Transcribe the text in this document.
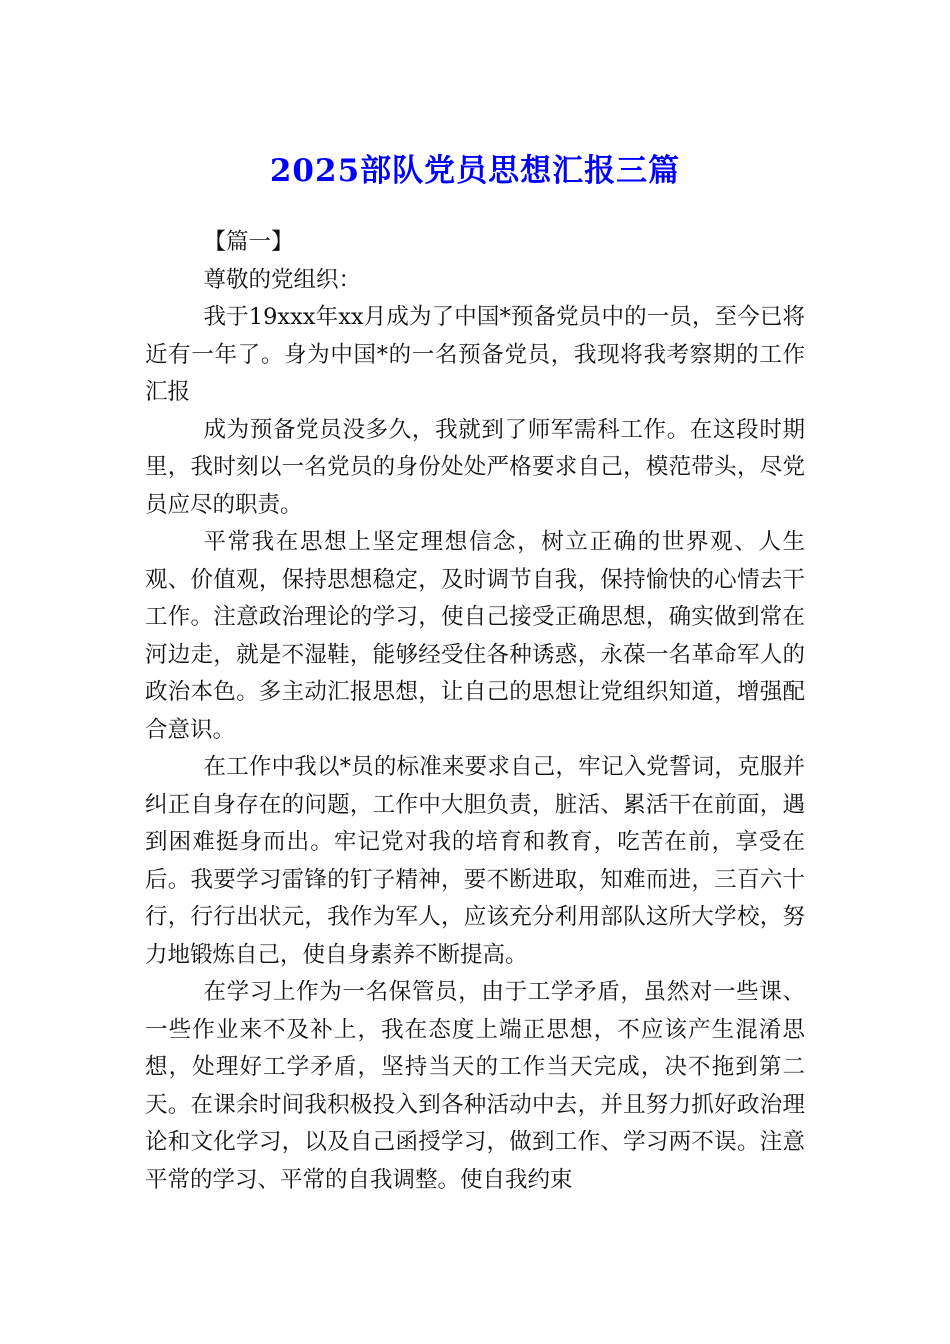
2025部队党员思想汇报三篇

【篇一】

尊敬的党组织：

我于19xxx年xx月成为了中国*预备党员中的一员，至今已将近有一年了。身为中国*的一名预备党员，我现将我考察期的工作汇报

成为预备党员没多久，我就到了师军需科工作。在这段时期里，我时刻以一名党员的身份处处严格要求自己，模范带头，尽党员应尽的职责。

平常我在思想上坚定理想信念，树立正确的世界观、人生观、价值观，保持思想稳定，及时调节自我，保持愉快的心情去干工作。注意政治理论的学习，使自己接受正确思想，确实做到常在河边走，就是不湿鞋，能够经受住各种诱惑，永葆一名革命军人的政治本色。多主动汇报思想，让自己的思想让党组织知道，增强配合意识。

在工作中我以*员的标准来要求自己，牢记入党誓词，克服并纠正自身存在的问题，工作中大胆负责，脏活、累活干在前面，遇到困难挺身而出。牢记党对我的培育和教育，吃苦在前，享受在后。我要学习雷锋的钉子精神，要不断进取，知难而进，三百六十行，行行出状元，我作为军人，应该充分利用部队这所大学校，努力地锻炼自己，使自身素养不断提高。

在学习上作为一名保管员，由于工学矛盾，虽然对一些课、一些作业来不及补上，我在态度上端正思想，不应该产生混淆思想，处理好工学矛盾，坚持当天的工作当天完成，决不拖到第二天。在课余时间我积极投入到各种活动中去，并且努力抓好政治理论和文化学习，以及自己函授学习，做到工作、学习两不误。注意平常的学习、平常的自我调整。使自我约束
